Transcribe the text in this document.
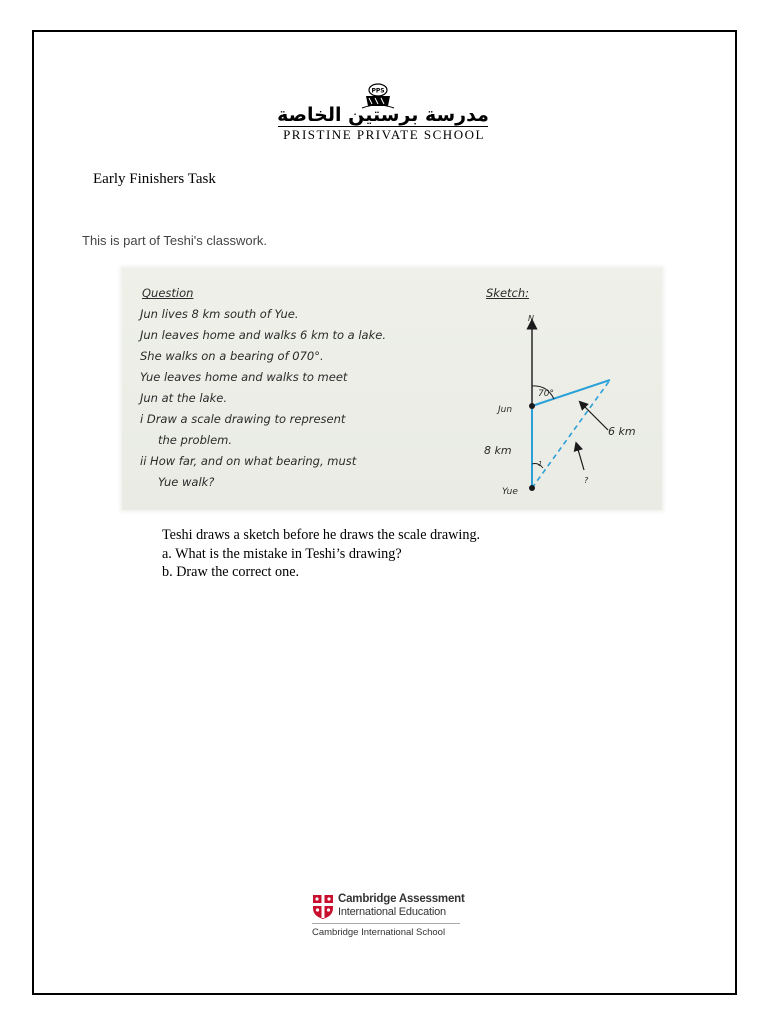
PPS
مدرسة برستين الخاصة
PRISTINE PRIVATE SCHOOL
Early Finishers Task
This is part of Teshi's classwork.
Question
Jun lives 8 km south of Yue.
Jun leaves home and walks 6 km to a lake.
She walks on a bearing of 070°.
Yue leaves home and walks to meet
Jun at the lake.
i Draw a scale drawing to represent
the problem.
ii How far, and on what bearing, must
Yue walk?
Sketch:
N
70°
1
Jun
Yue
8 km
6 km
?
Teshi draws a sketch before he draws the scale drawing.
a. What is the mistake in Teshi’s drawing?
b. Draw the correct one.
Cambridge Assessment
International Education
Cambridge International School
